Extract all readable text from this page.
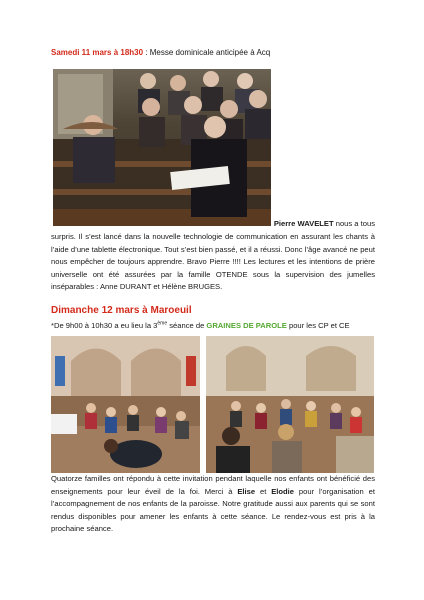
Samedi 11 mars à 18h30 : Messe dominicale anticipée à Acq
Pierre WAVELET nous a tous
surpris. Il s’est lancé dans la nouvelle technologie de communication en assurant les chants à l’aide d’une tablette électronique. Tout s’est bien passé, et il a réussi. Donc l’âge avancé ne peut nous empêcher de toujours apprendre. Bravo Pierre !!!! Les lectures et les intentions de prière universelle ont été assurées par la famille OTENDE sous la supervision des jumelles inséparables : Anne DURANT et Hélène BRUGES.
Dimanche 12 mars à Maroeuil
*De 9h00 à 10h30 a eu lieu la 3ème séance de GRAINES DE PAROLE pour les CP et CE
Quatorze familles ont répondu à cette invitation pendant laquelle nos enfants ont bénéficié des enseignements pour leur éveil de la foi. Merci à Elise et Elodie pour l’organisation et l’accompagnement de nos enfants de la paroisse. Notre gratitude aussi aux parents qui se sont rendus disponibles pour amener les enfants à cette séance. Le rendez-vous est pris à la prochaine séance.
